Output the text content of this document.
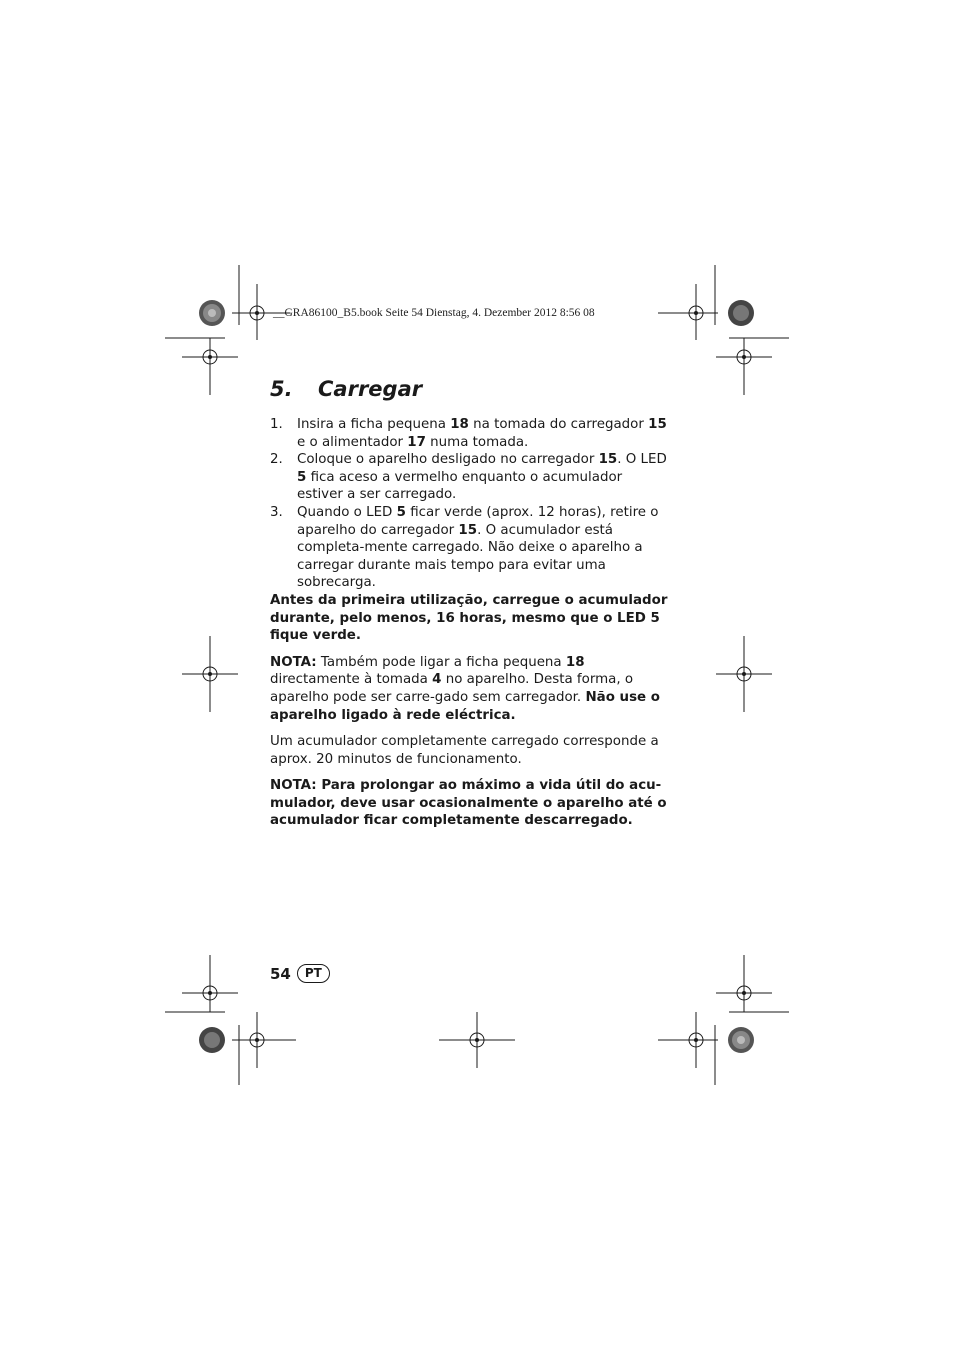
__GRA86100_B5.book Seite 54 Dienstag, 4. Dezember 2012 8:56 08
5. Carregar
1. Insira a ficha pequena 18 na tomada do carregador 15 e o alimentador 17 numa tomada.
2. Coloque o aparelho desligado no carregador 15. O LED 5 fica aceso a vermelho enquanto o acumulador estiver a ser carregado.
3. Quando o LED 5 ficar verde (aprox. 12 horas), retire o aparelho do carregador 15. O acumulador está completa-mente carregado. Não deixe o aparelho a carregar durante mais tempo para evitar uma sobrecarga.

Antes da primeira utilização, carregue o acumulador durante, pelo menos, 16 horas, mesmo que o LED 5 fique verde.

NOTA: Também pode ligar a ficha pequena 18 directamente à tomada 4 no aparelho. Desta forma, o aparelho pode ser carre-gado sem carregador. Não use o aparelho ligado à rede eléctrica.

Um acumulador completamente carregado corresponde a aprox. 20 minutos de funcionamento.

NOTA: Para prolongar ao máximo a vida útil do acu-mulador, deve usar ocasionalmente o aparelho até o acumulador ficar completamente descarregado.

54	PT
